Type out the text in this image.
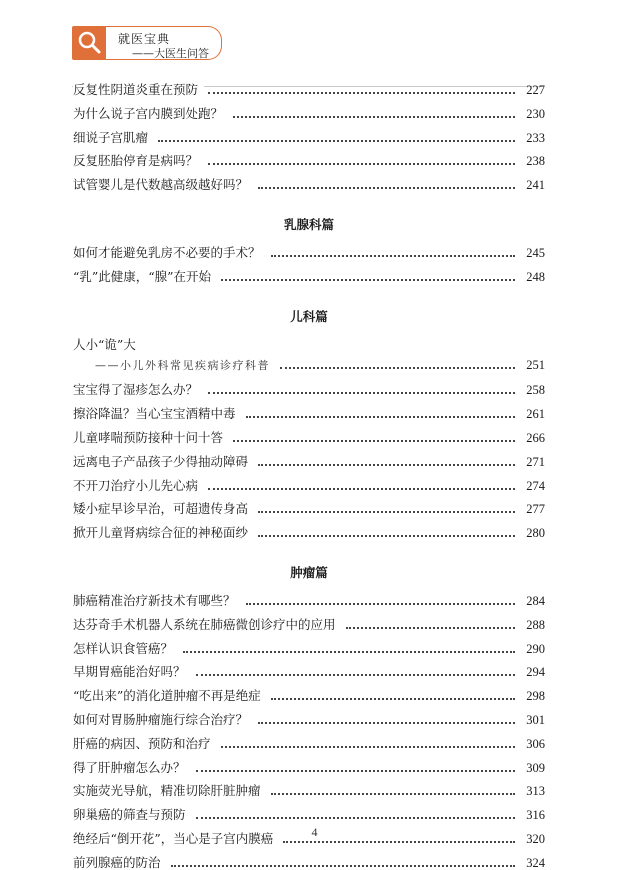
就医宝典
——大医生问答
反复性阴道炎重在预防	227
为什么说子宫内膜到处跑？	230
细说子宫肌瘤	233
反复胚胎停育是病吗？	238
试管婴儿是代数越高级越好吗？	241
乳腺科篇
如何才能避免乳房不必要的手术？	245
“乳”此健康，“腺”在开始	248
儿科篇
人小“诡”大
——小儿外科常见疾病诊疗科普	251
宝宝得了湿疹怎么办？	258
擦浴降温？当心宝宝酒精中毒	261
儿童哮喘预防接种十问十答	266
远离电子产品孩子少得抽动障碍	271
不开刀治疗小儿先心病	274
矮小症早诊早治，可超遗传身高	277
掀开儿童肾病综合征的神秘面纱	280
肿瘤篇
肺癌精准治疗新技术有哪些？	284
达芬奇手术机器人系统在肺癌微创诊疗中的应用	288
怎样认识食管癌？	290
早期胃癌能治好吗？	294
“吃出来”的消化道肿瘤不再是绝症	298
如何对胃肠肿瘤施行综合治疗？	301
肝癌的病因、预防和治疗	306
得了肝肿瘤怎么办？	309
实施荧光导航，精准切除肝脏肿瘤	313
卵巢癌的筛查与预防	316
绝经后“倒开花”，当心是子宫内膜癌	320
前列腺癌的防治	324
4
